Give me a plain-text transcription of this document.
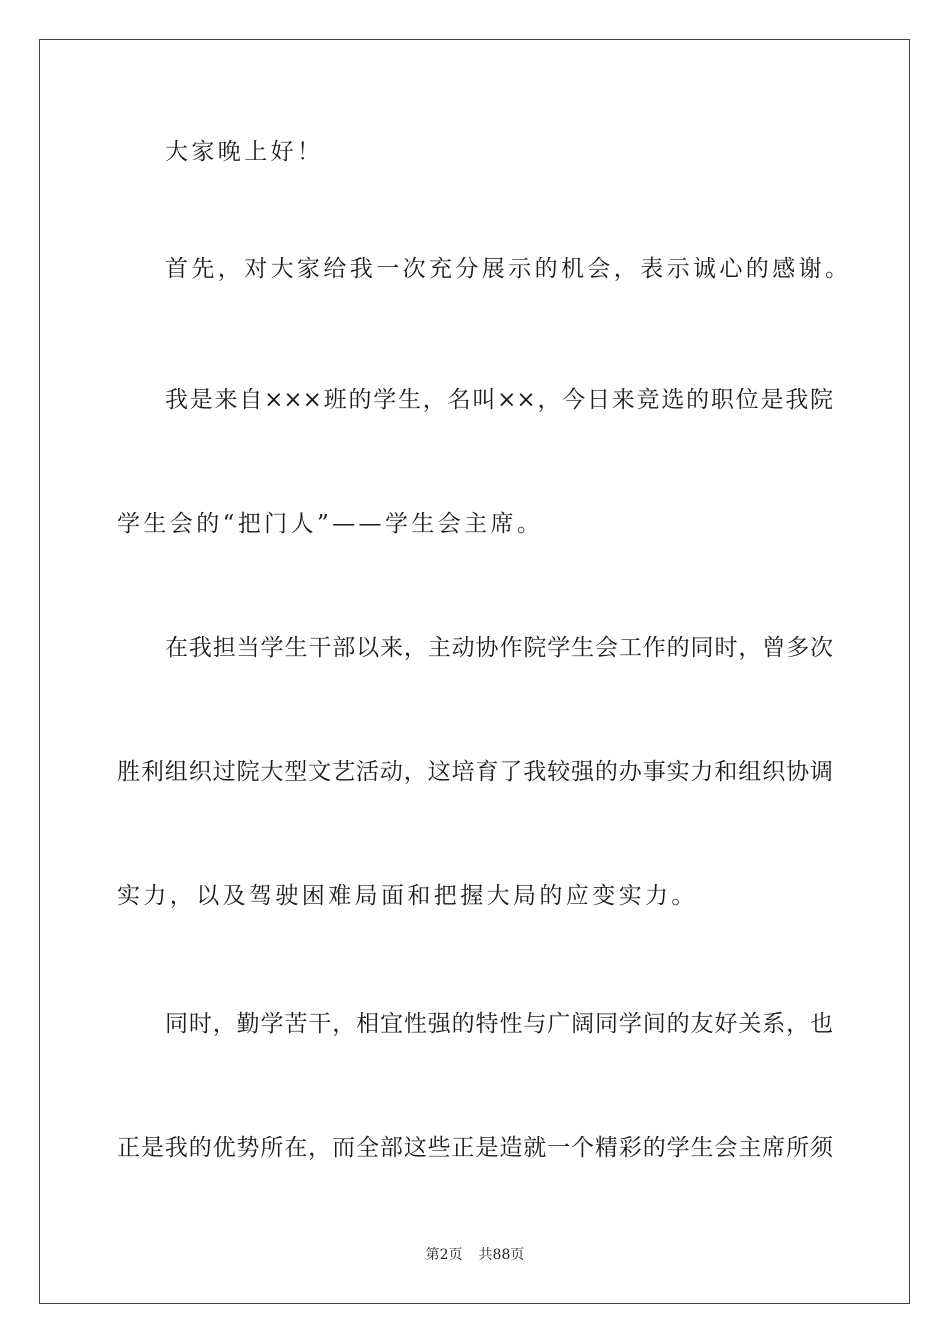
大家晚上好！
首先，对大家给我一次充分展示的机会，表示诚心的感谢。
我是来自×××班的学生，名叫××，今日来竞选的职位是我院
学生会的“把门人”——学生会主席。
在我担当学生干部以来，主动协作院学生会工作的同时，曾多次
胜利组织过院大型文艺活动，这培育了我较强的办事实力和组织协调
实力，以及驾驶困难局面和把握大局的应变实力。
同时，勤学苦干，相宜性强的特性与广阔同学间的友好关系，也
正是我的优势所在，而全部这些正是造就一个精彩的学生会主席所须
第2页 共88页
